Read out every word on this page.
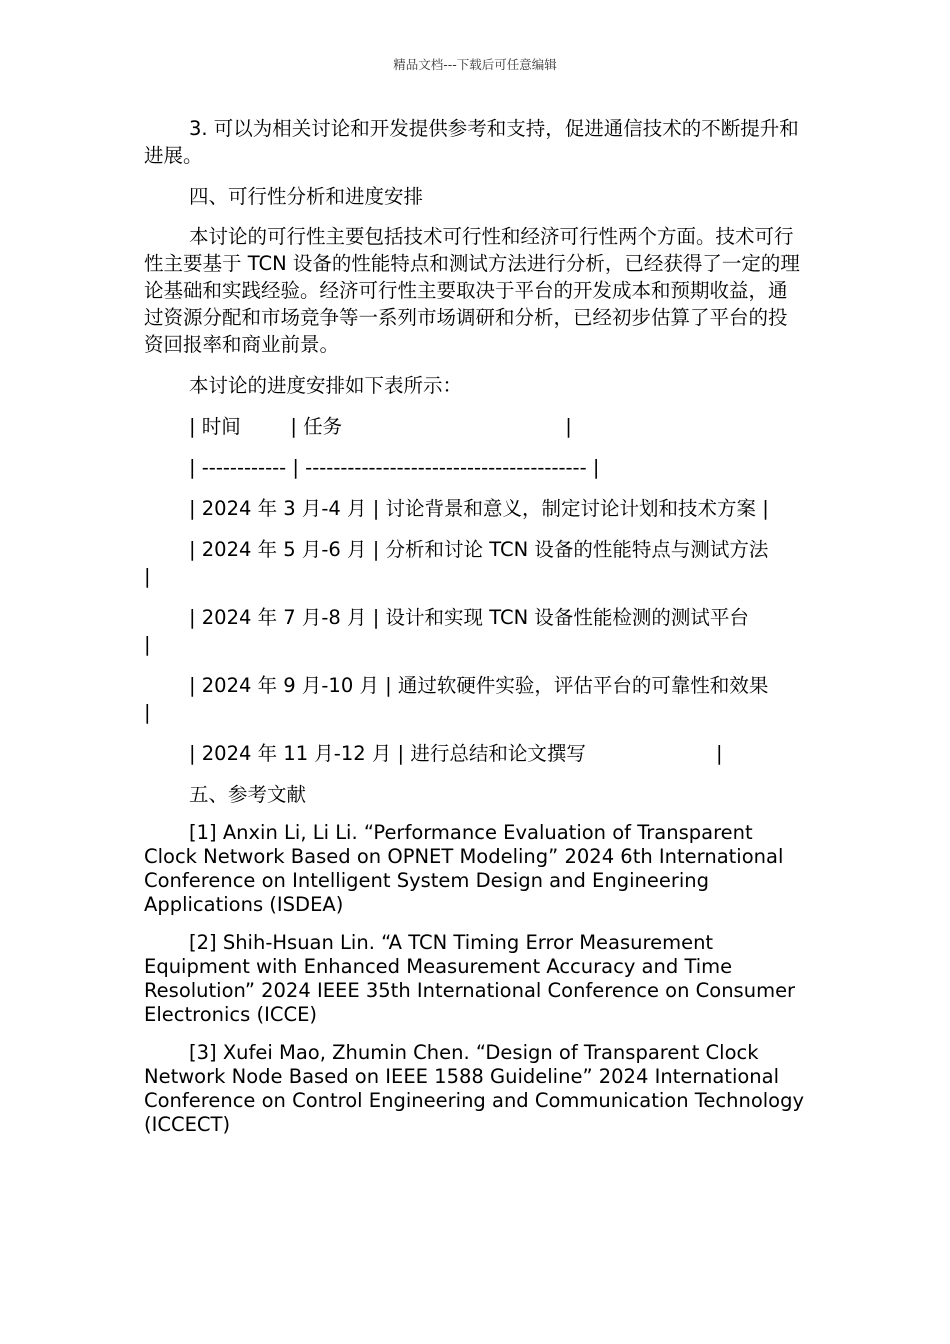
精品文档---下载后可任意编辑
3. 可以为相关讨论和开发提供参考和支持，促进通信技术的不断提升和进展。
四、可行性分析和进度安排
本讨论的可行性主要包括技术可行性和经济可行性两个方面。技术可行性主要基于 TCN 设备的性能特点和测试方法进行分析，已经获得了一定的理论基础和实践经验。经济可行性主要取决于平台的开发成本和预期收益，通过资源分配和市场竞争等一系列市场调研和分析，已经初步估算了平台的投资回报率和商业前景。
本讨论的进度安排如下表所示：
| 时间        | 任务                                    |
| ------------ | ---------------------------------------- |
| 2024 年 3 月-4 月 | 讨论背景和意义，制定讨论计划和技术方案 |
| 2024 年 5 月-6 月 | 分析和讨论 TCN 设备的性能特点与测试方法      |
| 2024 年 7 月-8 月 | 设计和实现 TCN 设备性能检测的测试平台          |
| 2024 年 9 月-10 月 | 通过软硬件实验，评估平台的可靠性和效果       |
| 2024 年 11 月-12 月 | 进行总结和论文撰写                     |
五、参考文献
[1] Anxin Li, Li Li. “Performance Evaluation of Transparent Clock Network Based on OPNET Modeling” 2024 6th International Conference on Intelligent System Design and Engineering Applications (ISDEA)
[2] Shih-Hsuan Lin. “A TCN Timing Error Measurement Equipment with Enhanced Measurement Accuracy and Time Resolution” 2024 IEEE 35th International Conference on Consumer Electronics (ICCE)
[3] Xufei Mao, Zhumin Chen. “Design of Transparent Clock Network Node Based on IEEE 1588 Guideline” 2024 International Conference on Control Engineering and Communication Technology (ICCECT)
